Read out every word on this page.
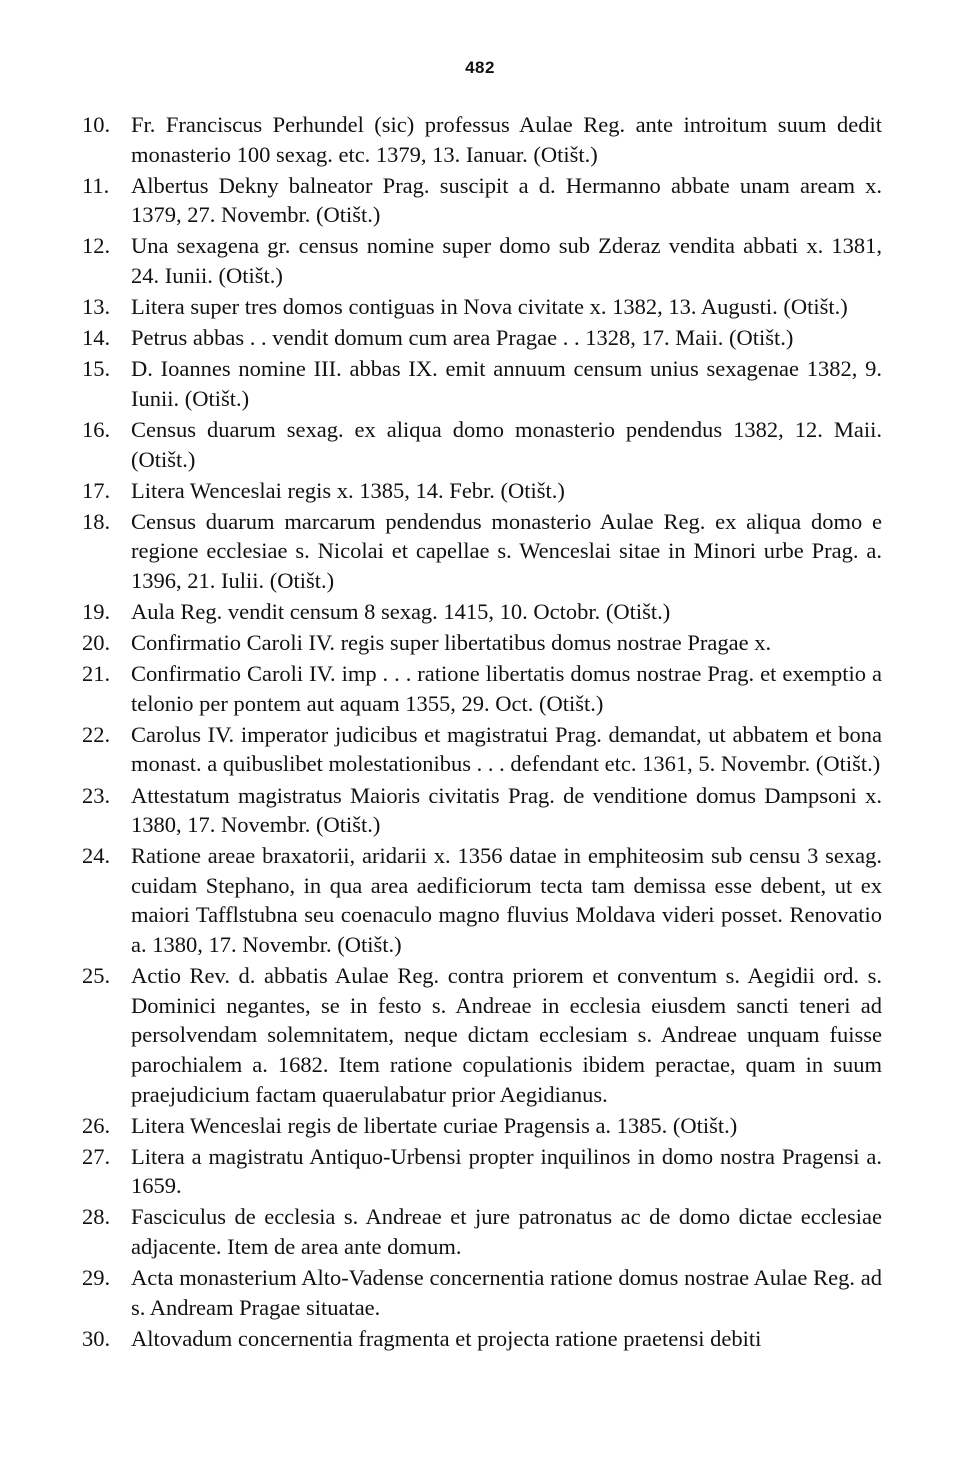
482
10. Fr. Franciscus Perhundel (sic) professus Aulae Reg. ante introitum suum dedit monasterio 100 sexag. etc. 1379, 13. Ianuar. (Otišt.)
11. Albertus Dekny balneator Prag. suscipit a d. Hermanno abbate unam aream x. 1379, 27. Novembr. (Otišt.)
12. Una sexagena gr. census nomine super domo sub Zderaz vendita abbati x. 1381, 24. Iunii. (Otišt.)
13. Litera super tres domos contiguas in Nova civitate x. 1382, 13. Augusti. (Otišt.)
14. Petrus abbas . . vendit domum cum area Pragae . . 1328, 17. Maii. (Otišt.)
15. D. Ioannes nomine III. abbas IX. emit annuum censum unius sexagenae 1382, 9. Iunii. (Otišt.)
16. Census duarum sexag. ex aliqua domo monasterio pendendus 1382, 12. Maii. (Otišt.)
17. Litera Wenceslai regis x. 1385, 14. Febr. (Otišt.)
18. Census duarum marcarum pendendus monasterio Aulae Reg. ex aliqua domo e regione ecclesiae s. Nicolai et capellae s. Wenceslai sitae in Minori urbe Prag. a. 1396, 21. Iulii. (Otišt.)
19. Aula Reg. vendit censum 8 sexag. 1415, 10. Octobr. (Otišt.)
20. Confirmatio Caroli IV. regis super libertatibus domus nostrae Pragae x.
21. Confirmatio Caroli IV. imp . . . ratione libertatis domus nostrae Prag. et exemptio a telonio per pontem aut aquam 1355, 29. Oct. (Otišt.)
22. Carolus IV. imperator judicibus et magistratui Prag. demandat, ut abbatem et bona monast. a quibuslibet molestationibus . . . defendant etc. 1361, 5. Novembr. (Otišt.)
23. Attestatum magistratus Maioris civitatis Prag. de venditione domus Dampsoni x. 1380, 17. Novembr. (Otišt.)
24. Ratione areae braxatorii, aridarii x. 1356 datae in emphiteosim sub censu 3 sexag. cuidam Stephano, in qua area aedificiorum tecta tam demissa esse debent, ut ex maiori Tafflstubna seu coenaculo magno fluvius Moldava videri posset. Renovatio a. 1380, 17. Novembr. (Otišt.)
25. Actio Rev. d. abbatis Aulae Reg. contra priorem et conventum s. Aegidii ord. s. Dominici negantes, se in festo s. Andreae in ecclesia eiusdem sancti teneri ad persolvendam solemnitatem, neque dictam ecclesiam s. Andreae unquam fuisse parochialem a. 1682. Item ratione copulationis ibidem peractae, quam in suum praejudicium factam quaerulabatur prior Aegidianus.
26. Litera Wenceslai regis de libertate curiae Pragensis a. 1385. (Otišt.)
27. Litera a magistratu Antiquo-Urbensi propter inquilinos in domo nostra Pragensi a. 1659.
28. Fasciculus de ecclesia s. Andreae et jure patronatus ac de domo dictae ecclesiae adjacente. Item de area ante domum.
29. Acta monasterium Alto-Vadense concernentia ratione domus nostrae Aulae Reg. ad s. Andream Pragae situatae.
30. Altovadum concernentia fragmenta et projecta ratione praetensi debiti
